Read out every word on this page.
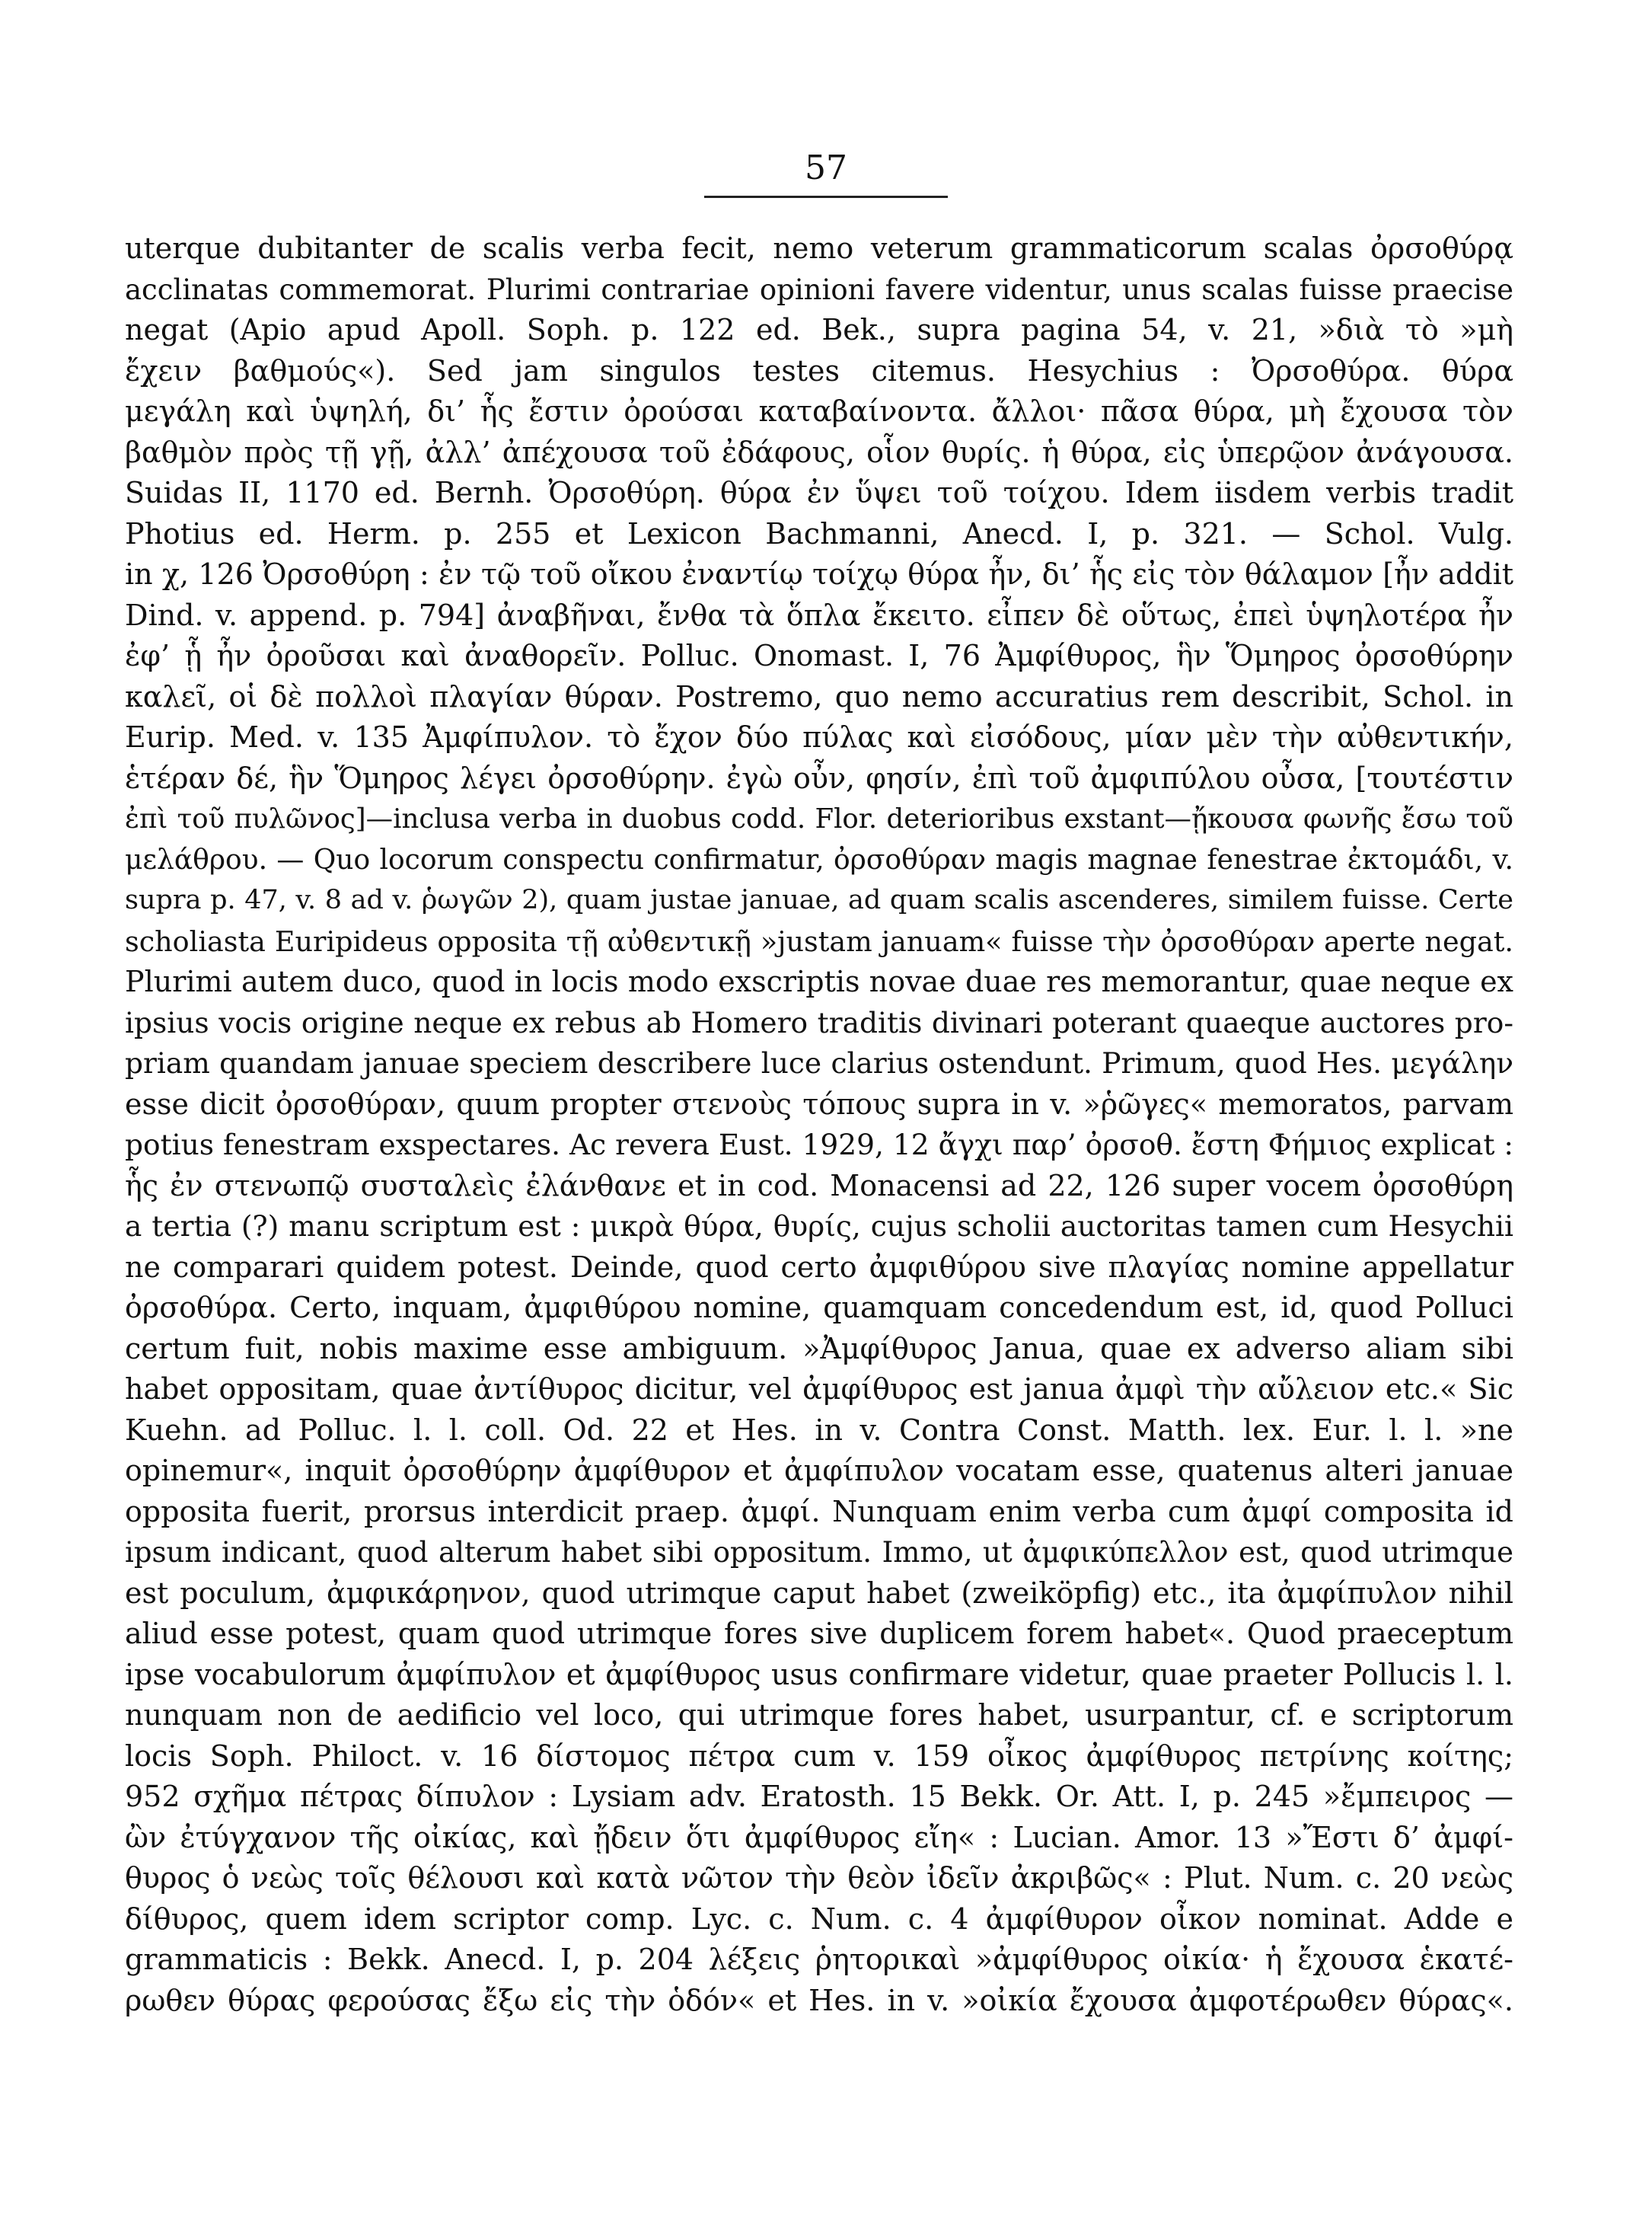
57
uterque dubitanter de scalis verba fecit, nemo veterum grammaticorum scalas ὀρσοθύρᾳ
acclinatas commemorat. Plurimi contrariae opinioni favere videntur, unus scalas fuisse praecise
negat (Apio apud Apoll. Soph. p. 122 ed. Bek., supra pagina 54, v. 21, »διὰ τὸ »μὴ
ἔχειν βαθμούς«). Sed jam singulos testes citemus. Hesychius : Ὀρσοθύρα. θύρα
μεγάλη καὶ ὑψηλή, δι’ ἧς ἔστιν ὀρούσαι καταβαίνοντα. ἄλλοι· πᾶσα θύρα, μὴ ἔχουσα τὸν
βαθμὸν πρὸς τῇ γῇ, ἀλλ’ ἀπέχουσα τοῦ ἐδάφους, οἷον θυρίς. ἡ θύρα, εἰς ὑπερῷον ἀνάγουσα.
Suidas II, 1170 ed. Bernh. Ὀρσοθύρη. θύρα ἐν ὕψει τοῦ τοίχου. Idem iisdem verbis tradit
Photius ed. Herm. p. 255 et Lexicon Bachmanni, Anecd. I, p. 321. — Schol. Vulg.
in χ, 126 Ὀρσοθύρη : ἐν τῷ τοῦ οἴκου ἐναντίῳ τοίχῳ θύρα ἦν, δι’ ἧς εἰς τὸν θάλαμον [ἦν addit
Dind. v. append. p. 794] ἀναβῆναι, ἔνθα τὰ ὅπλα ἔκειτο. εἶπεν δὲ οὕτως, ἐπεὶ ὑψηλοτέρα ἦν
ἐφ’ ᾗ ἦν ὀροῦσαι καὶ ἀναθορεῖν. Polluc. Onomast. I, 76 Ἀμφίθυρος, ἣν Ὅμηρος ὀρσοθύρην
καλεῖ, οἱ δὲ πολλοὶ πλαγίαν θύραν. Postremo, quo nemo accuratius rem describit, Schol. in
Eurip. Med. v. 135 Ἀμφίπυλον. τὸ ἔχον δύο πύλας καὶ εἰσόδους, μίαν μὲν τὴν αὐθεντικήν,
ἑτέραν δέ, ἣν Ὅμηρος λέγει ὀρσοθύρην. ἐγὼ οὖν, φησίν, ἐπὶ τοῦ ἀμφιπύλου οὖσα, [τουτέστιν
ἐπὶ τοῦ πυλῶνος]—inclusa verba in duobus codd. Flor. deterioribus exstant—ᾔκουσα φωνῆς ἔσω τοῦ
μελάθρου. — Quo locorum conspectu confirmatur, ὀρσοθύραν magis magnae fenestrae ἐκτομάδι, v.
supra p. 47, v. 8 ad v. ῥωγῶν 2), quam justae januae, ad quam scalis ascenderes, similem fuisse. Certe
scholiasta Euripideus opposita τῇ αὐθεντικῇ »justam januam« fuisse τὴν ὀρσοθύραν aperte negat.
Plurimi autem duco, quod in locis modo exscriptis novae duae res memorantur, quae neque ex
ipsius vocis origine neque ex rebus ab Homero traditis divinari poterant quaeque auctores pro-
priam quandam januae speciem describere luce clarius ostendunt. Primum, quod Hes. μεγάλην
esse dicit ὀρσοθύραν, quum propter στενοὺς τόπους supra in v. »ῥῶγες« memoratos, parvam
potius fenestram exspectares. Ac revera Eust. 1929, 12 ἄγχι παρ’ ὀρσοθ. ἔστη Φήμιος explicat :
ἧς ἐν στενωπῷ συσταλεὶς ἐλάνθανε et in cod. Monacensi ad 22, 126 super vocem ὀρσοθύρη
a tertia (?) manu scriptum est : μικρὰ θύρα, θυρίς, cujus scholii auctoritas tamen cum Hesychii
ne comparari quidem potest. Deinde, quod certo ἀμφιθύρου sive πλαγίας nomine appellatur
ὀρσοθύρα. Certo, inquam, ἀμφιθύρου nomine, quamquam concedendum est, id, quod Polluci
certum fuit, nobis maxime esse ambiguum. »Ἀμφίθυρος Janua, quae ex adverso aliam sibi
habet oppositam, quae ἀντίθυρος dicitur, vel ἀμφίθυρος est janua ἀμφὶ τὴν αὔλειον etc.« Sic
Kuehn. ad Polluc. l. l. coll. Od. 22 et Hes. in v. Contra Const. Matth. lex. Eur. l. l. »ne
opinemur«, inquit ὀρσοθύρην ἀμφίθυρον et ἀμφίπυλον vocatam esse, quatenus alteri januae
opposita fuerit, prorsus interdicit praep. ἀμφί. Nunquam enim verba cum ἀμφί composita id
ipsum indicant, quod alterum habet sibi oppositum. Immo, ut ἀμφικύπελλον est, quod utrimque
est poculum, ἀμφικάρηνον, quod utrimque caput habet (zweiköpfig) etc., ita ἀμφίπυλον nihil
aliud esse potest, quam quod utrimque fores sive duplicem forem habet«. Quod praeceptum
ipse vocabulorum ἀμφίπυλον et ἀμφίθυρος usus confirmare videtur, quae praeter Pollucis l. l.
nunquam non de aedificio vel loco, qui utrimque fores habet, usurpantur, cf. e scriptorum
locis Soph. Philoct. v. 16 δίστομος πέτρα cum v. 159 οἶκος ἀμφίθυρος πετρίνης κοίτης;
952 σχῆμα πέτρας δίπυλον : Lysiam adv. Eratosth. 15 Bekk. Or. Att. I, p. 245 »ἔμπειρος —
ὢν ἐτύγχανον τῆς οἰκίας, καὶ ᾔδειν ὅτι ἀμφίθυρος εἴη« : Lucian. Amor. 13 »Ἔστι δ’ ἀμφί-
θυρος ὁ νεὼς τοῖς θέλουσι καὶ κατὰ νῶτον τὴν θεὸν ἰδεῖν ἀκριβῶς« : Plut. Num. c. 20 νεὼς
δίθυρος, quem idem scriptor comp. Lyc. c. Num. c. 4 ἀμφίθυρον οἶκον nominat. Adde e
grammaticis : Bekk. Anecd. I, p. 204 λέξεις ῥητορικαὶ »ἀμφίθυρος οἰκία· ἡ ἔχουσα ἑκατέ-
ρωθεν θύρας φερούσας ἔξω εἰς τὴν ὁδόν« et Hes. in v. »οἰκία ἔχουσα ἀμφοτέρωθεν θύρας«.
